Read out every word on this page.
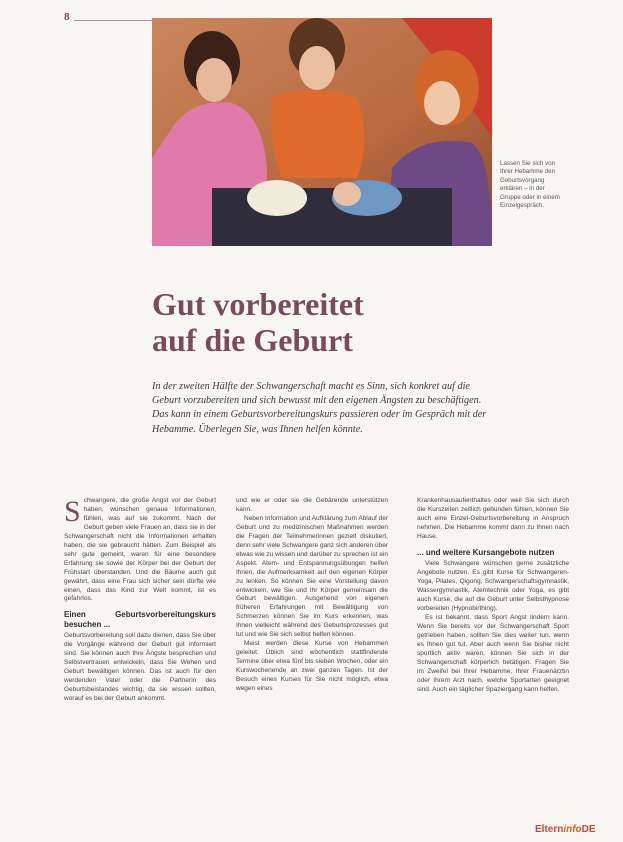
8
Lassen Sie sich von Ihrer Hebamme den Geburtsvorgang erklären – in der Gruppe oder in einem Einzelgespräch.
Gut vorbereitet
auf die Geburt

In der zweiten Hälfte der Schwangerschaft macht es Sinn, sich konkret auf die Geburt vorzubereiten und sich bewusst mit den eigenen Ängsten zu beschäftigen. Das kann in einem Geburtsvorbereitungskurs passieren oder im Gespräch mit der Hebamme. Überlegen Sie, was Ihnen helfen könnte.

Schwangere, die große Angst vor der Geburt haben, wünschen genaue Informationen, fühlen, was auf sie zukommt. Nach der Geburt geben viele Frauen an, dass sie in der Schwangerschaft nicht die Informationen erhalten haben, die sie gebraucht hätten. Zum Beispiel als sehr gute gemeint, waren für eine besondere Erfahrung sie sowie der Körper bei der Geburt der Frühstart überstanden. Und die Bäume auch gut gewährt, dass eine Frau sich sicher sein dürfte wie einen, dass das Kind zur Welt kommt, ist es gefahrlos.

Einen Geburtsvorbereitungskurs besuchen ...

Geburtsvorbereitung soll dazu dienen, dass Sie über die Vorgänge während der Geburt gut informiert sind. Sie können auch Ihre Ängste besprechen und Selbstvertrauen entwickeln, dass Sie Wehen und Geburt bewältigen können. Das ist auch für den werdenden Vater oder die Partnerin des Geburtsbeistandes wichtig, da sie wissen sollten, worauf es bei der Geburt ankommt.

und wie er oder sie die Gebärende unterstützen kann.

Neben Information und Aufklärung zum Ablauf der Geburt und zu medizinischen Maßnahmen werden die Fragen der Teilnehmerinnen gezielt diskutiert, denn sehr viele Schwangere ganz sich anderen über etwas wie zu wissen und darüber zu sprechen ist ein Aspekt. Atem- und Entspannungsübungen helfen Ihnen, die Aufmerksamkeit auf den eigenen Körper zu lenken. So können Sie eine Vorstellung davon entwickeln, wie Sie und Ihr Körper gemeinsam die Geburt bewältigen. Ausgehend von eigenen früheren Erfahrungen mit Bewältigung von Schmerzen können Sie im Kurs erkennen, was Ihnen vielleicht während des Geburtsprozesses gut tut und wie Sie sich selbst helfen können.

Meist werden diese Kurse von Hebammen geleitet. Üblich sind wöchentlich stattfindende Termine über etwa fünf bis sieben Wochen, oder ein Kurswochenende an zwei ganzen Tagen. Ist der Besuch eines Kurses für Sie nicht möglich, etwa wegen eines

Krankenhausaufenthaltes oder weil Sie sich durch die Kurszeiten zeitlich gebunden fühlen, können Sie auch eine Einzel-Geburtsvorbereitung in Anspruch nehmen. Die Hebamme kommt dann zu Ihnen nach Hause.

... und weitere Kursangebote nutzen

Viele Schwangere wünschen gerne zusätzliche Angebote nutzen. Es gibt Kurse für Schwangeren-Yoga, Pilates, Qigong, Schwangerschaftsgymnastik, Wassergymnastik, Atemtechnik oder Yoga, es gibt auch Kurse, die auf die Geburt unter Selbsthypnose vorbereiten (Hypnobirthing).

Es ist bekannt, dass Sport Angst lindern kann. Wenn Sie bereits vor der Schwangerschaft Sport getrieben haben, sollten Sie dies weiter tun, wenn es Ihnen gut tut. Aber auch wenn Sie bisher nicht sportlich aktiv waren, können Sie sich in der Schwangerschaft körperlich betätigen. Fragen Sie im Zweifel bei Ihrer Hebamme, Ihrer Frauenärztin oder Ihrem Arzt nach, welche Sportarten geeignet sind. Auch ein täglicher Spaziergang kann helfen.

ElterninfoDE
